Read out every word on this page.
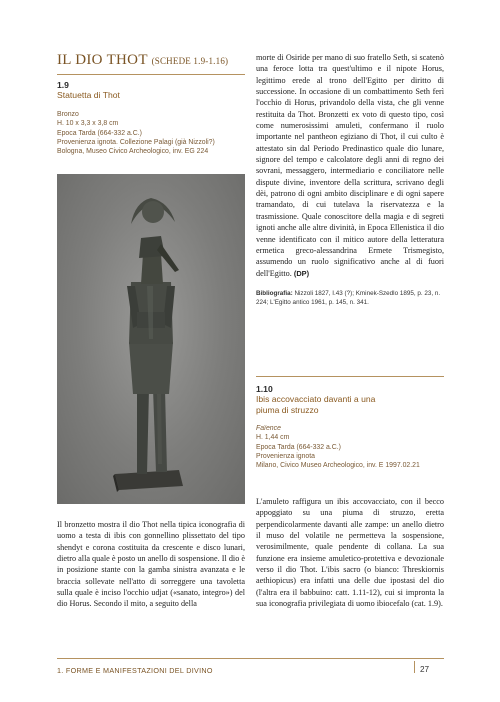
IL DIO THOT (SCHEDE 1.9-1.16)

1.9

Statuetta di Thot

Bronzo

H. 10 x 3,3 x 3,8 cm

Epoca Tarda (664-332 a.C.)

Provenienza ignota. Collezione Palagi (già Nizzoli?)

Bologna, Museo Civico Archeologico, inv. EG 224

Il bronzetto mostra il dio Thot nella tipica iconografia di uomo a testa di ibis con gonnellino plissettato del tipo shendyt e corona costituita da crescente e disco lunari, dietro alla quale è posto un anello di sospensione. Il dio è in posizione stante con la gamba sinistra avanzata e le braccia sollevate nell'atto di sorreggere una tavoletta sulla quale è inciso l'occhio udjat («sanato, integro») del dio Horus. Secondo il mito, a seguito della

morte di Osiride per mano di suo fratello Seth, si scatenò una feroce lotta tra quest'ultimo e il nipote Horus, legittimo erede al trono dell'Egitto per diritto di successione. In occasione di un combattimento Seth ferì l'occhio di Horus, privandolo della vista, che gli venne restituita da Thot. Bronzetti ex voto di questo tipo, così come numerosissimi amuleti, confermano il ruolo importante nel pantheon egiziano di Thot, il cui culto è attestato sin dal Periodo Predinastico quale dio lunare, signore del tempo e calcolatore degli anni di regno dei sovrani, messaggero, intermediario e conciliatore nelle dispute divine, inventore della scrittura, scrivano degli dèi, patrono di ogni ambito disciplinare e di ogni sapere tramandato, di cui tutelava la riservatezza e la trasmissione. Quale conoscitore della magia e di segreti ignoti anche alle altre divinità, in Epoca Ellenistica il dio venne identificato con il mitico autore della letteratura ermetica greco-alessandrina Ermete Trismegisto, assumendo un ruolo significativo anche al di fuori dell'Egitto. (DP)

Bibliografia: Nizzoli 1827, I.43 (?); Kminek-Szedlo 1895, p. 23, n. 224; L'Egitto antico 1961, p. 145, n. 341.

1.10

Ibis accovacciato davanti a una piuma di struzzo

Faïence

H. 1,44 cm

Epoca Tarda (664-332 a.C.)

Provenienza ignota

Milano, Civico Museo Archeologico, inv. E 1997.02.21

L'amuleto raffigura un ibis accovacciato, con il becco appoggiato su una piuma di struzzo, eretta perpendicolarmente davanti alle zampe: un anello dietro il muso del volatile ne permetteva la sospensione, verosimilmente, quale pendente di collana. La sua funzione era insieme amuletico-protettiva e devozionale verso il dio Thot. L'ibis sacro (o bianco: Threskiornis aethiopicus) era infatti una delle due ipostasi del dio (l'altra era il babbuino: catt. 1.11-12), cui si impronta la sua iconografia privilegiata di uomo ibiocefalo (cat. 1.9).

1. FORME E MANIFESTAZIONI DEL DIVINO	27
